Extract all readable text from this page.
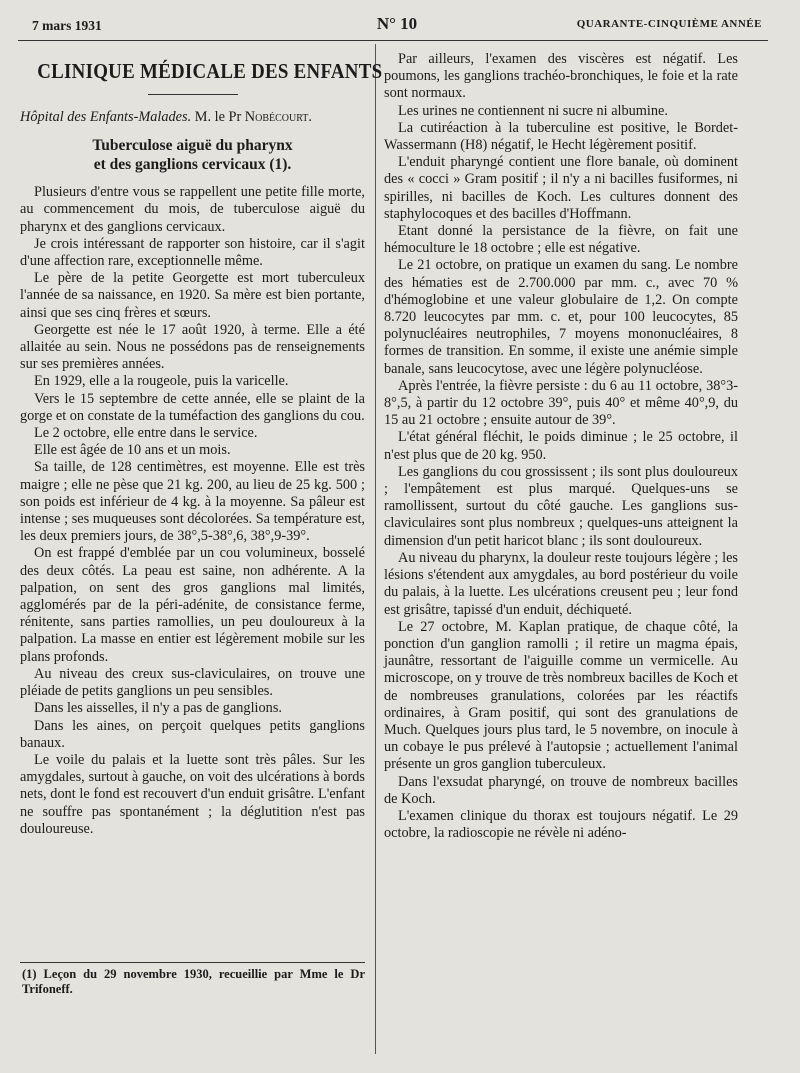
7 mars 1931	N° 10	QUARANTE-CINQUIÈME ANNÉE
CLINIQUE MÉDICALE DES ENFANTS

Hôpital des Enfants-Malades. M. le Pr Nobécourt.

Tuberculose aiguë du pharynx
et des ganglions cervicaux (1).

Plusieurs d'entre vous se rappellent une petite fille morte, au commencement du mois, de tuberculose aiguë du pharynx et des ganglions cervicaux.

Je crois intéressant de rapporter son histoire, car il s'agit d'une affection rare, exceptionnelle même.

Le père de la petite Georgette est mort tuberculeux l'année de sa naissance, en 1920. Sa mère est bien portante, ainsi que ses cinq frères et sœurs.

Georgette est née le 17 août 1920, à terme. Elle a été allaitée au sein. Nous ne possédons pas de renseignements sur ses premières années.

En 1929, elle a la rougeole, puis la varicelle.

Vers le 15 septembre de cette année, elle se plaint de la gorge et on constate de la tuméfaction des ganglions du cou.

Le 2 octobre, elle entre dans le service.

Elle est âgée de 10 ans et un mois.

Sa taille, de 128 centimètres, est moyenne. Elle est très maigre ; elle ne pèse que 21 kg. 200, au lieu de 25 kg. 500 ; son poids est inférieur de 4 kg. à la moyenne. Sa pâleur est intense ; ses muqueuses sont décolorées. Sa température est, les deux premiers jours, de 38°,5-38°,6, 38°,9-39°.

On est frappé d'emblée par un cou volumineux, bosselé des deux côtés. La peau est saine, non adhérente. A la palpation, on sent des gros ganglions mal limités, agglomérés par de la péri-adénite, de consistance ferme, rénitente, sans parties ramollies, un peu douloureux à la palpation. La masse en entier est légèrement mobile sur les plans profonds.

Au niveau des creux sus-claviculaires, on trouve une pléiade de petits ganglions un peu sensibles.

Dans les aisselles, il n'y a pas de ganglions.

Dans les aines, on perçoit quelques petits ganglions banaux.

Le voile du palais et la luette sont très pâles. Sur les amygdales, surtout à gauche, on voit des ulcérations à bords nets, dont le fond est recouvert d'un enduit grisâtre. L'enfant ne souffre pas spontanément ; la déglutition n'est pas douloureuse.

(1) Leçon du 29 novembre 1930, recueillie par Mme le Dr Trifoneff.

Par ailleurs, l'examen des viscères est négatif. Les poumons, les ganglions trachéo-bronchiques, le foie et la rate sont normaux.

Les urines ne contiennent ni sucre ni albumine.

La cutiréaction à la tuberculine est positive, le Bordet-Wassermann (H8) négatif, le Hecht légèrement positif.

L'enduit pharyngé contient une flore banale, où dominent des « cocci » Gram positif ; il n'y a ni bacilles fusiformes, ni spirilles, ni bacilles de Koch. Les cultures donnent des staphylocoques et des bacilles d'Hoffmann.

Etant donné la persistance de la fièvre, on fait une hémoculture le 18 octobre ; elle est négative.

Le 21 octobre, on pratique un examen du sang. Le nombre des hématies est de 2.700.000 par mm. c., avec 70 % d'hémoglobine et une valeur globulaire de 1,2. On compte 8.720 leucocytes par mm. c. et, pour 100 leucocytes, 85 polynucléaires neutrophiles, 7 moyens mononucléaires, 8 formes de transition. En somme, il existe une anémie simple banale, sans leucocytose, avec une légère polynucléose.

Après l'entrée, la fièvre persiste : du 6 au 11 octobre, 38°3-8°,5, à partir du 12 octobre 39°, puis 40° et même 40°,9, du 15 au 21 octobre ; ensuite autour de 39°.

L'état général fléchit, le poids diminue ; le 25 octobre, il n'est plus que de 20 kg. 950.

Les ganglions du cou grossissent ; ils sont plus douloureux ; l'empâtement est plus marqué. Quelques-uns se ramollissent, surtout du côté gauche. Les ganglions sus-claviculaires sont plus nombreux ; quelques-uns atteignent la dimension d'un petit haricot blanc ; ils sont douloureux.

Au niveau du pharynx, la douleur reste toujours légère ; les lésions s'étendent aux amygdales, au bord postérieur du voile du palais, à la luette. Les ulcérations creusent peu ; leur fond est grisâtre, tapissé d'un enduit, déchiqueté.

Le 27 octobre, M. Kaplan pratique, de chaque côté, la ponction d'un ganglion ramolli ; il retire un magma épais, jaunâtre, ressortant de l'aiguille comme un vermicelle. Au microscope, on y trouve de très nombreux bacilles de Koch et de nombreuses granulations, colorées par les réactifs ordinaires, à Gram positif, qui sont des granulations de Much. Quelques jours plus tard, le 5 novembre, on inocule à un cobaye le pus prélevé à l'autopsie ; actuellement l'animal présente un gros ganglion tuberculeux.

Dans l'exsudat pharyngé, on trouve de nombreux bacilles de Koch.

L'examen clinique du thorax est toujours négatif. Le 29 octobre, la radioscopie ne révèle ni adéno-
